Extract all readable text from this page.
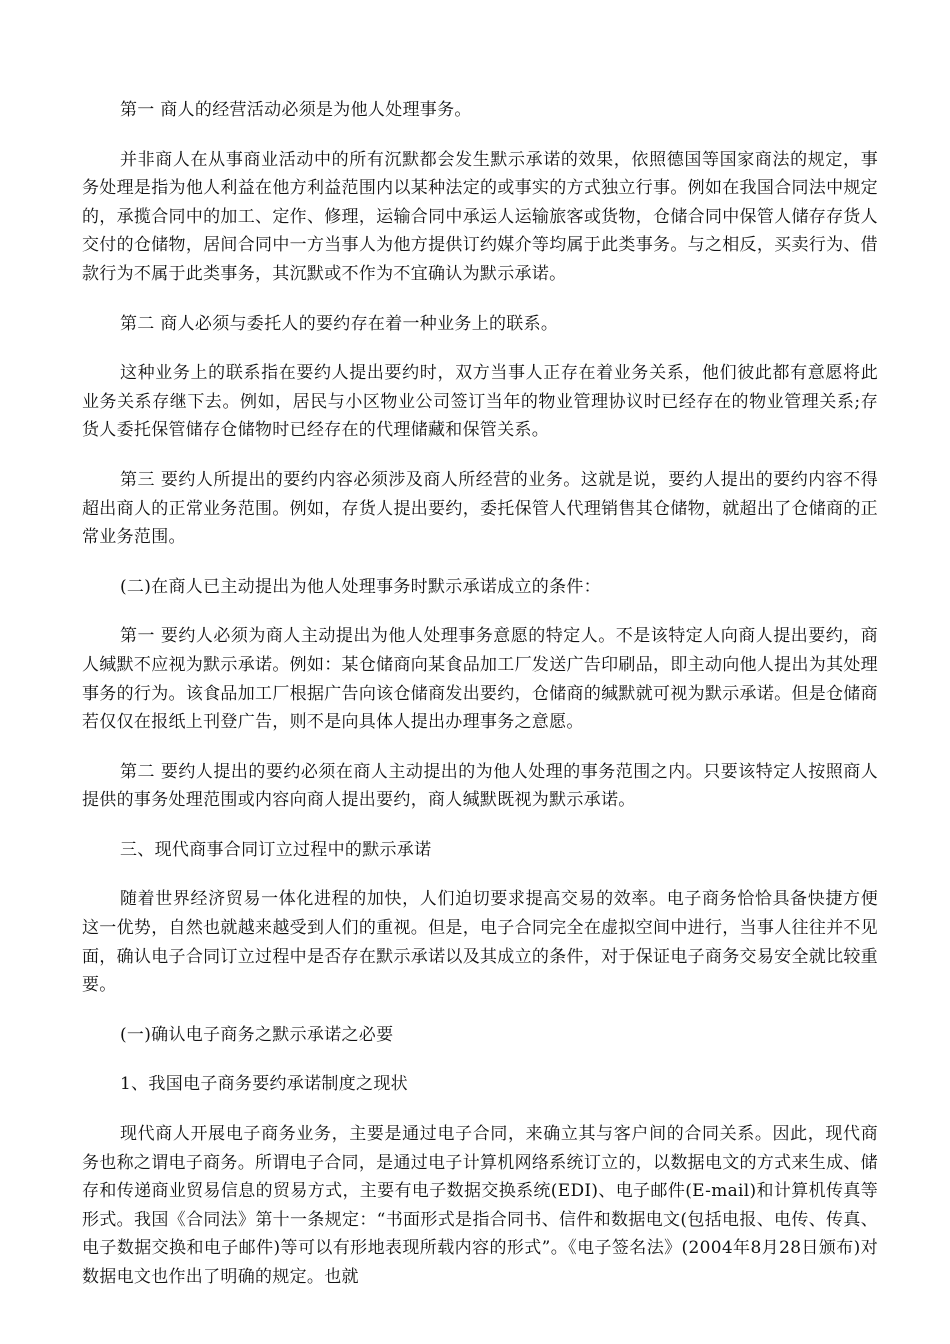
第一 商人的经营活动必须是为他人处理事务。

并非商人在从事商业活动中的所有沉默都会发生默示承诺的效果，依照德国等国家商法的规定，事务处理是指为他人利益在他方利益范围内以某种法定的或事实的方式独立行事。例如在我国合同法中规定的，承揽合同中的加工、定作、修理，运输合同中承运人运输旅客或货物，仓储合同中保管人储存存货人交付的仓储物，居间合同中一方当事人为他方提供订约媒介等均属于此类事务。与之相反，买卖行为、借款行为不属于此类事务，其沉默或不作为不宜确认为默示承诺。

第二 商人必须与委托人的要约存在着一种业务上的联系。

这种业务上的联系指在要约人提出要约时，双方当事人正存在着业务关系，他们彼此都有意愿将此业务关系存继下去。例如，居民与小区物业公司签订当年的物业管理协议时已经存在的物业管理关系;存货人委托保管储存仓储物时已经存在的代理储藏和保管关系。

第三 要约人所提出的要约内容必须涉及商人所经营的业务。这就是说，要约人提出的要约内容不得超出商人的正常业务范围。例如，存货人提出要约，委托保管人代理销售其仓储物，就超出了仓储商的正常业务范围。

(二)在商人已主动提出为他人处理事务时默示承诺成立的条件：

第一 要约人必须为商人主动提出为他人处理事务意愿的特定人。不是该特定人向商人提出要约，商人缄默不应视为默示承诺。例如：某仓储商向某食品加工厂发送广告印刷品，即主动向他人提出为其处理事务的行为。该食品加工厂根据广告向该仓储商发出要约，仓储商的缄默就可视为默示承诺。但是仓储商若仅仅在报纸上刊登广告，则不是向具体人提出办理事务之意愿。

第二 要约人提出的要约必须在商人主动提出的为他人处理的事务范围之内。只要该特定人按照商人提供的事务处理范围或内容向商人提出要约，商人缄默既视为默示承诺。

三、现代商事合同订立过程中的默示承诺

随着世界经济贸易一体化进程的加快，人们迫切要求提高交易的效率。电子商务恰恰具备快捷方便这一优势，自然也就越来越受到人们的重视。但是，电子合同完全在虚拟空间中进行，当事人往往并不见面，确认电子合同订立过程中是否存在默示承诺以及其成立的条件，对于保证电子商务交易安全就比较重要。

(一)确认电子商务之默示承诺之必要

1、我国电子商务要约承诺制度之现状

现代商人开展电子商务业务，主要是通过电子合同，来确立其与客户间的合同关系。因此，现代商务也称之谓电子商务。所谓电子合同，是通过电子计算机网络系统订立的，以数据电文的方式来生成、储存和传递商业贸易信息的贸易方式，主要有电子数据交换系统(EDI)、电子邮件(E-mail)和计算机传真等形式。我国《合同法》第十一条规定：“书面形式是指合同书、信件和数据电文(包括电报、电传、传真、电子数据交换和电子邮件)等可以有形地表现所载内容的形式”。《电子签名法》(2004年8月28日颁布)对数据电文也作出了明确的规定。也就
